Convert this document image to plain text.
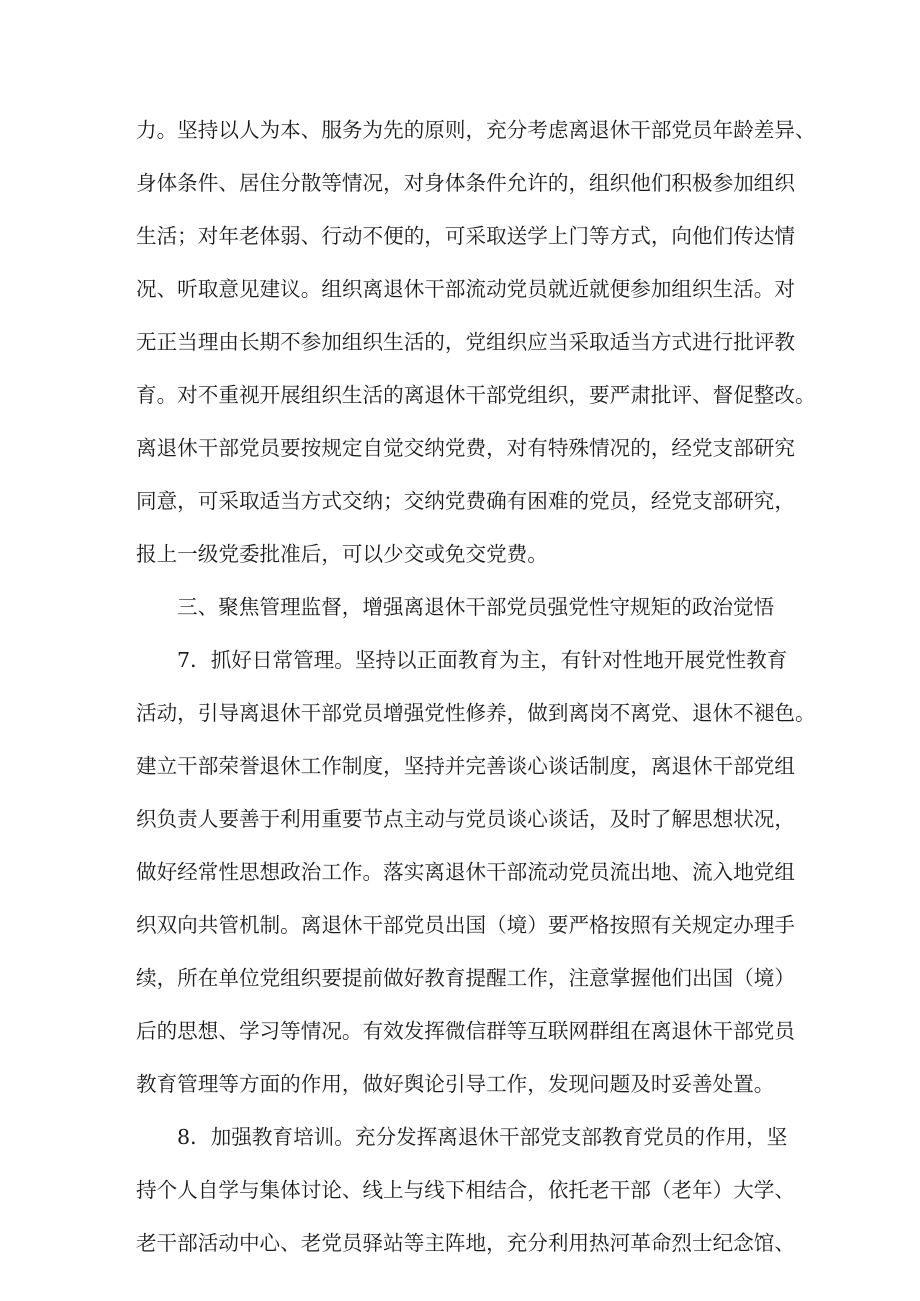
力。坚持以人为本、服务为先的原则，充分考虑离退休干部党员年龄差异、

身体条件、居住分散等情况，对身体条件允许的，组织他们积极参加组织

生活；对年老体弱、行动不便的，可采取送学上门等方式，向他们传达情

况、听取意见建议。组织离退休干部流动党员就近就便参加组织生活。对

无正当理由长期不参加组织生活的，党组织应当采取适当方式进行批评教

育。对不重视开展组织生活的离退休干部党组织，要严肃批评、督促整改。

离退休干部党员要按规定自觉交纳党费，对有特殊情况的，经党支部研究

同意，可采取适当方式交纳；交纳党费确有困难的党员，经党支部研究，

报上一级党委批准后，可以少交或免交党费。

三、聚焦管理监督，增强离退休干部党员强党性守规矩的政治觉悟

7．抓好日常管理。坚持以正面教育为主，有针对性地开展党性教育

活动，引导离退休干部党员增强党性修养，做到离岗不离党、退休不褪色。

建立干部荣誉退休工作制度，坚持并完善谈心谈话制度，离退休干部党组

织负责人要善于利用重要节点主动与党员谈心谈话，及时了解思想状况，

做好经常性思想政治工作。落实离退休干部流动党员流出地、流入地党组

织双向共管机制。离退休干部党员出国（境）要严格按照有关规定办理手

续，所在单位党组织要提前做好教育提醒工作，注意掌握他们出国（境）

后的思想、学习等情况。有效发挥微信群等互联网群组在离退休干部党员

教育管理等方面的作用，做好舆论引导工作，发现问题及时妥善处置。

8．加强教育培训。充分发挥离退休干部党支部教育党员的作用，坚

持个人自学与集体讨论、线上与线下相结合，依托老干部（老年）大学、

老干部活动中心、老党员驿站等主阵地，充分利用热河革命烈士纪念馆、
